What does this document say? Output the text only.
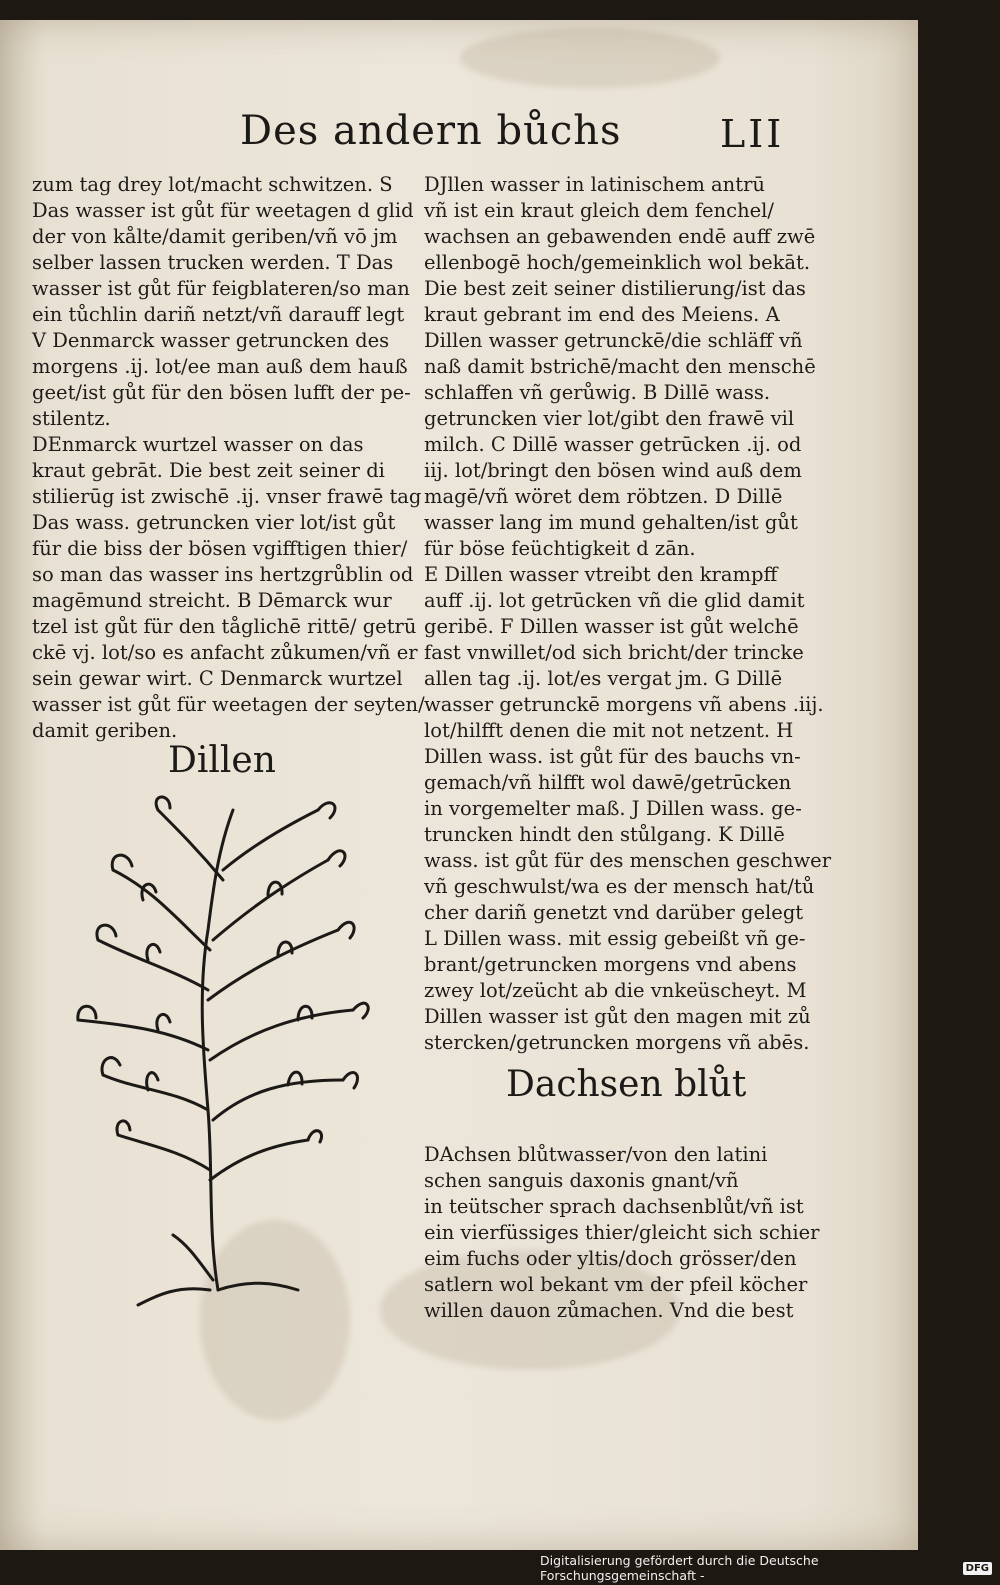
Des andern bůchs	LII
zum tag drey lot/macht schwitzen. S
Das wasser ist gůt für weetagen d glid
der von kålte/damit geriben/vñ vō jm
selber lassen trucken werden. T Das
wasser ist gůt für feigblateren/so man
ein tůchlin dariñ netzt/vñ darauff legt
V Denmarck wasser getruncken des
morgens .ij. lot/ee man auß dem hauß
geet/ist gůt für den bösen lufft der pe-
stilentz.
DEnmarck wurtzel wasser on das
kraut gebrāt. Die best zeit seiner di
stilierūg ist zwischē .ij. vnser frawē tag
Das wass. getruncken vier lot/ist gůt
für die biss der bösen vgifftigen thier/
so man das wasser ins hertzgrůblin od
magēmund streicht. B Dēmarck wur
tzel ist gůt für den tåglichē rittē/ getrū
ckē vj. lot/so es anfacht zůkumen/vñ er
sein gewar wirt. C Denmarck wurtzel
wasser ist gůt für weetagen der seyten/
damit geriben.
DJllen wasser in latinischem antrū
vñ ist ein kraut gleich dem fenchel/
wachsen an gebawenden endē auff zwē
ellenbogē hoch/gemeinklich wol bekāt.
Die best zeit seiner distilierung/ist das
kraut gebrant im end des Meiens. A
Dillen wasser getrunckē/die schläff vñ
naß damit bstrichē/macht den menschē
schlaffen vñ gerůwig. B Dillē wass.
getruncken vier lot/gibt den frawē vil
milch. C Dillē wasser getrūcken .ij. od
iij. lot/bringt den bösen wind auß dem
magē/vñ wöret dem röbtzen. D Dillē
wasser lang im mund gehalten/ist gůt
für böse feüchtigkeit d zān.
E Dillen wasser vtreibt den krampff
auff .ij. lot getrūcken vñ die glid damit
geribē. F Dillen wasser ist gůt welchē
fast vnwillet/od sich bricht/der trincke
allen tag .ij. lot/es vergat jm. G Dillē
wasser getrunckē morgens vñ abens .iij.
lot/hilfft denen die mit not netzent. H
Dillen wass. ist gůt für des bauchs vn-
gemach/vñ hilfft wol dawē/getrūcken
in vorgemelter maß. J Dillen wass. ge-
truncken hindt den stůlgang. K Dillē
wass. ist gůt für des menschen geschwer
vñ geschwulst/wa es der mensch hat/tů
cher dariñ genetzt vnd darüber gelegt
L Dillen wass. mit essig gebeißt vñ ge-
brant/getruncken morgens vnd abens
zwey lot/zeücht ab die vnkeüscheyt. M
Dillen wasser ist gůt den magen mit zů
stercken/getruncken morgens vñ abēs.
Dillen
Dachsen blůt
DAchsen blůtwasser/von den latini
schen sanguis daxonis gnant/vñ
in teütscher sprach dachsenblůt/vñ ist
ein vierfüssiges thier/gleicht sich schier
eim fuchs oder yltis/doch grösser/den
satlern wol bekant vm der pfeil köcher
willen dauon zůmachen. Vnd die best
Digitalisierung gefördert durch die Deutsche Forschungsgemeinschaft -	DFG
